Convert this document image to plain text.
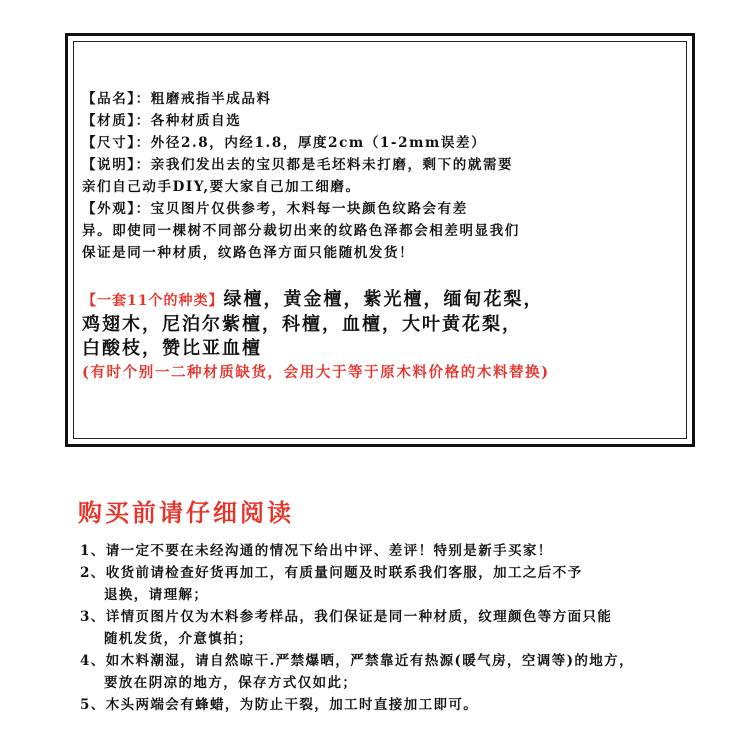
【品名】：粗磨戒指半成品料

【材质】：各种材质自选

【尺寸】：外径2.8，内经1.8，厚度2cm（1-2mm误差）

【说明】：亲我们发出去的宝贝都是毛坯料未打磨，剩下的就需要

亲们自己动手DIY,要大家自己加工细磨。

【外观】：宝贝图片仅供参考，木料每一块颜色纹路会有差

异。即使同一棵树不同部分裁切出来的纹路色泽都会相差明显我们

保证是同一种材质，纹路色泽方面只能随机发货！

【一套11个的种类】绿檀，黄金檀，紫光檀，缅甸花梨，

鸡翅木，尼泊尔紫檀，科檀，血檀，大叶黄花梨，

白酸枝，赞比亚血檀

(有时个别一二种材质缺货，会用大于等于原木料价格的木料替换)

购买前请仔细阅读

1、请一定不要在未经沟通的情况下给出中评、差评！特别是新手买家！

2、收货前请检查好货再加工，有质量问题及时联系我们客服，加工之后不予

退换，请理解；

3、详情页图片仅为木料参考样品，我们保证是同一种材质，纹理颜色等方面只能

随机发货，介意慎拍；

4、如木料潮湿，请自然晾干.严禁爆晒，严禁靠近有热源(暖气房，空调等)的地方，

要放在阴凉的地方，保存方式仅如此；

5、木头两端会有蜂蜡，为防止干裂，加工时直接加工即可。
